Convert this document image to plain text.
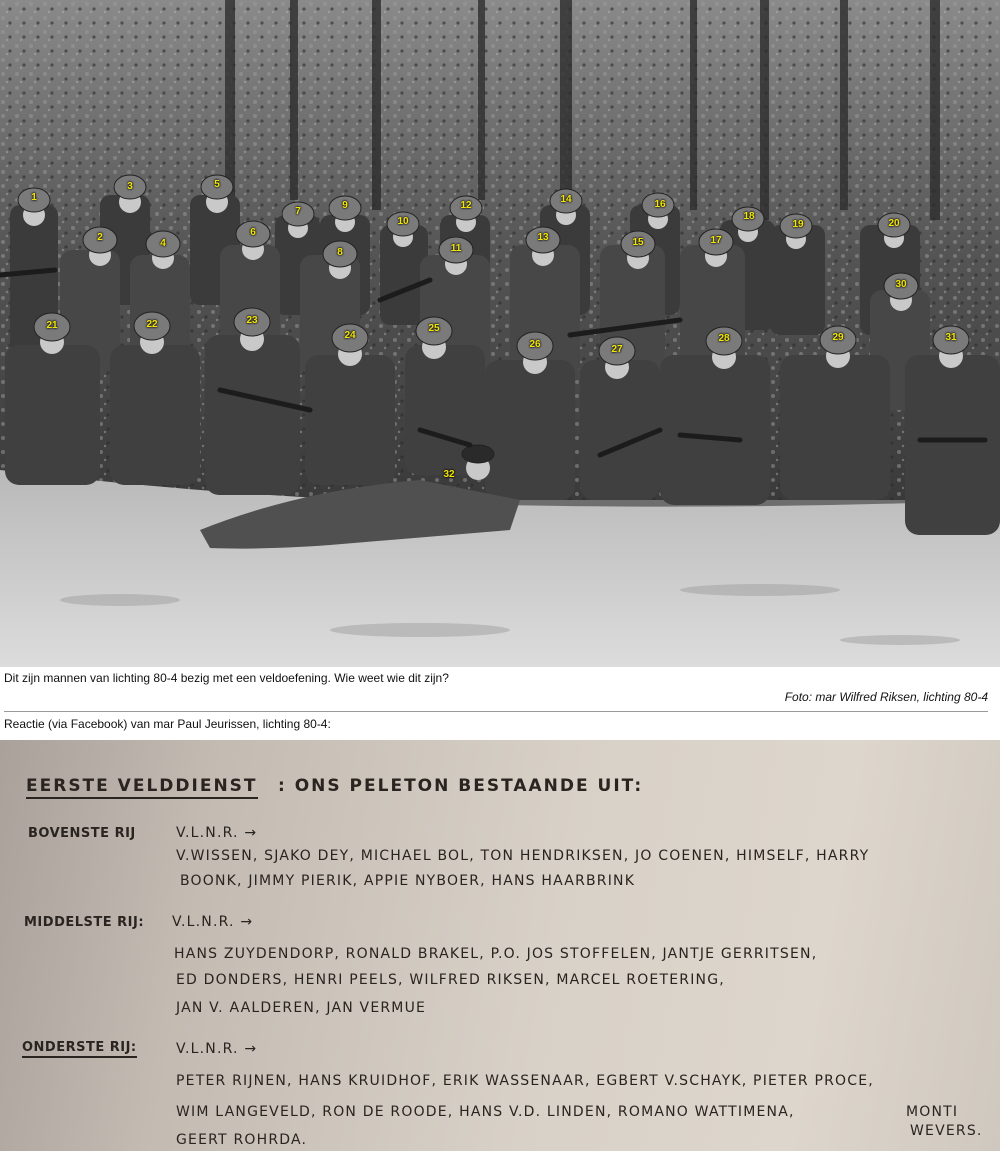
1
2
3
4
5
6
7
8
9
10
11
12
13
14
15
16
17
18
19	20
21	22	23
24
25
26	27
28	29
30
31
32
Dit zijn mannen van lichting 80-4 bezig met een veldoefening. Wie weet wie dit zijn?
Foto: mar Wilfred Riksen, lichting 80-4
Reactie (via Facebook) van mar Paul Jeurissen, lichting 80-4:
EERSTE VELDDIENST : ONS PELETON BESTAANDE UIT:
BOVENSTE RIJ	V.L.N.R. →
V.WISSEN, SJAKO DEY, MICHAEL BOL, TON HENDRIKSEN, JO COENEN, HIMSELF, HARRY
BOONK, JIMMY PIERIK, APPIE NYBOER, HANS HAARBRINK
MIDDELSTE RIJ: V.L.N.R. →
HANS ZUYDENDORP, RONALD BRAKEL, P.O. JOS STOFFELEN, JANTJE GERRITSEN,
ED DONDERS, HENRI PEELS, WILFRED RIKSEN, MARCEL ROETERING,
JAN V. AALDEREN, JAN VERMUE
ONDERSTE RIJ:	V.L.N.R. →
PETER RIJNEN, HANS KRUIDHOF, ERIK WASSENAAR, EGBERT V.SCHAYK, PIETER PROCE,
WIM LANGEVELD, RON DE ROODE, HANS V.D. LINDEN, ROMANO WATTIMENA,	MONTI
GEERT ROHRDA.
WEVERS.
